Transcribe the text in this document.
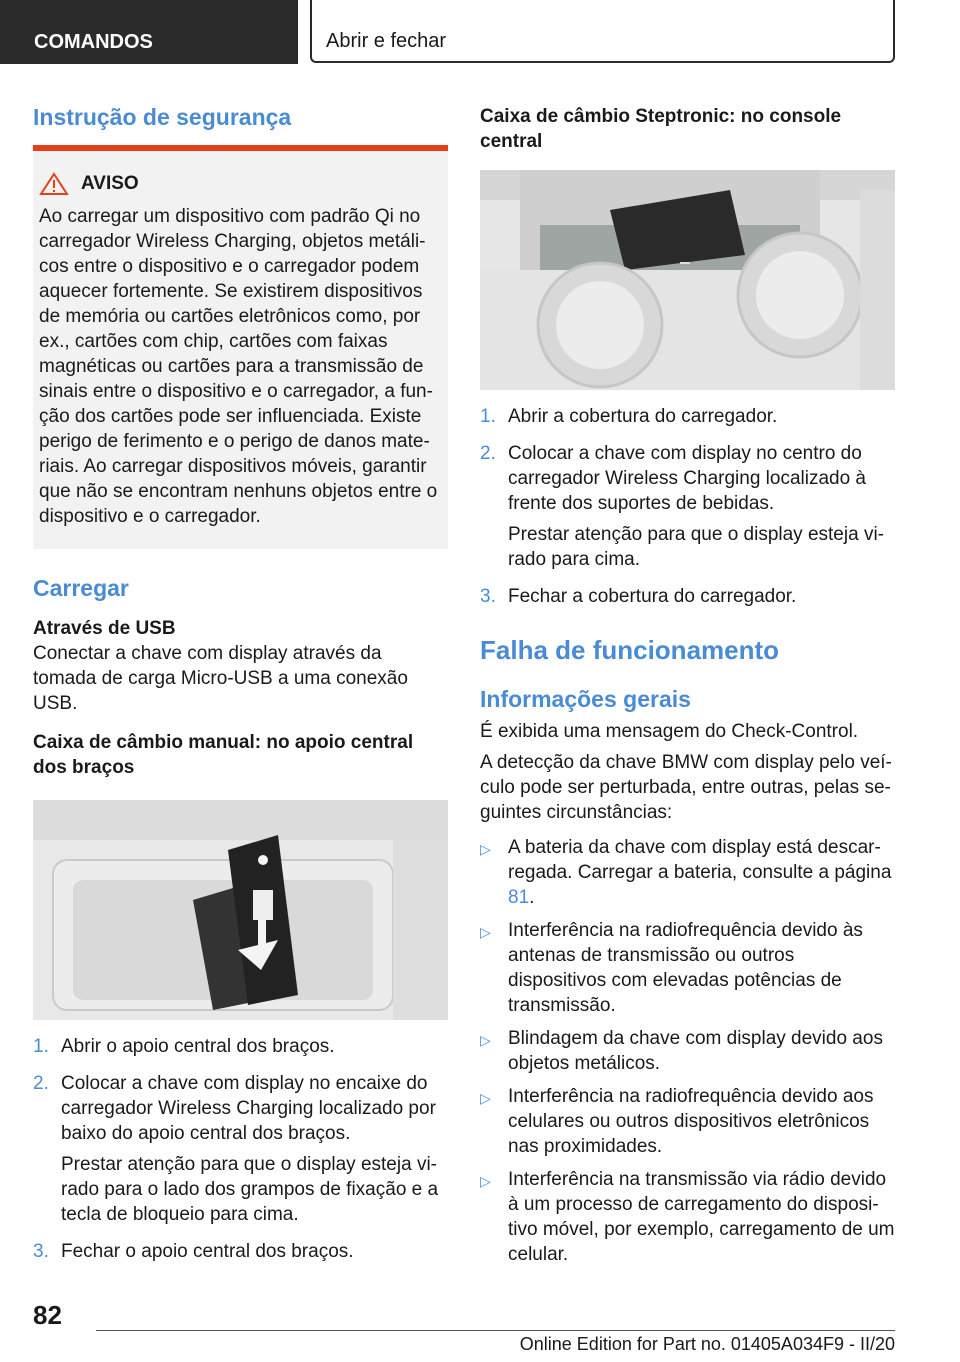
COMANDOS	Abrir e fechar
Instrução de segurança
AVISO

Ao carregar um dispositivo com padrão Qi no carregador Wireless Charging, objetos metálicos entre o dispositivo e o carregador podem aquecer fortemente. Se existirem dispositivos de memória ou cartões eletrônicos como, por ex., cartões com chip, cartões com faixas magnéticas ou cartões para a transmissão de sinais entre o dispositivo e o carregador, a função dos cartões pode ser influenciada. Existe perigo de ferimento e o perigo de danos materiais. Ao carregar dispositivos móveis, garantir que não se encontram nenhuns objetos entre o dispositivo e o carregador.

Carregar
Através de USB

Conectar a chave com display através da tomada de carga Micro-USB a uma conexão USB.

Caixa de câmbio manual: no apoio central dos braços
1. Abrir o apoio central dos braços.

2. Colocar a chave com display no encaixe do carregador Wireless Charging localizado por baixo do apoio central dos braços.

Prestar atenção para que o display esteja virado para o lado dos grampos de fixação e a tecla de bloqueio para cima.

3. Fechar o apoio central dos braços.

Caixa de câmbio Steptronic: no console central
1. Abrir a cobertura do carregador.

2. Colocar a chave com display no centro do carregador Wireless Charging localizado à frente dos suportes de bebidas.

Prestar atenção para que o display esteja virado para cima.

3. Fechar a cobertura do carregador.

Falha de funcionamento
Informações gerais

É exibida uma mensagem do Check-Control.

A detecção da chave BMW com display pelo veículo pode ser perturbada, entre outras, pelas seguintes circunstâncias:

▷ A bateria da chave com display está descarregada. Carregar a bateria, consulte a página 81.
▷ Interferência na radiofrequência devido às antenas de transmissão ou outros dispositivos com elevadas potências de transmissão.
▷ Blindagem da chave com display devido aos objetos metálicos.
▷ Interferência na radiofrequência devido aos celulares ou outros dispositivos eletrônicos nas proximidades.
▷ Interferência na transmissão via rádio devido à um processo de carregamento do dispositivo móvel, por exemplo, carregamento de um celular.
82
Online Edition for Part no. 01405A034F9 - II/20
